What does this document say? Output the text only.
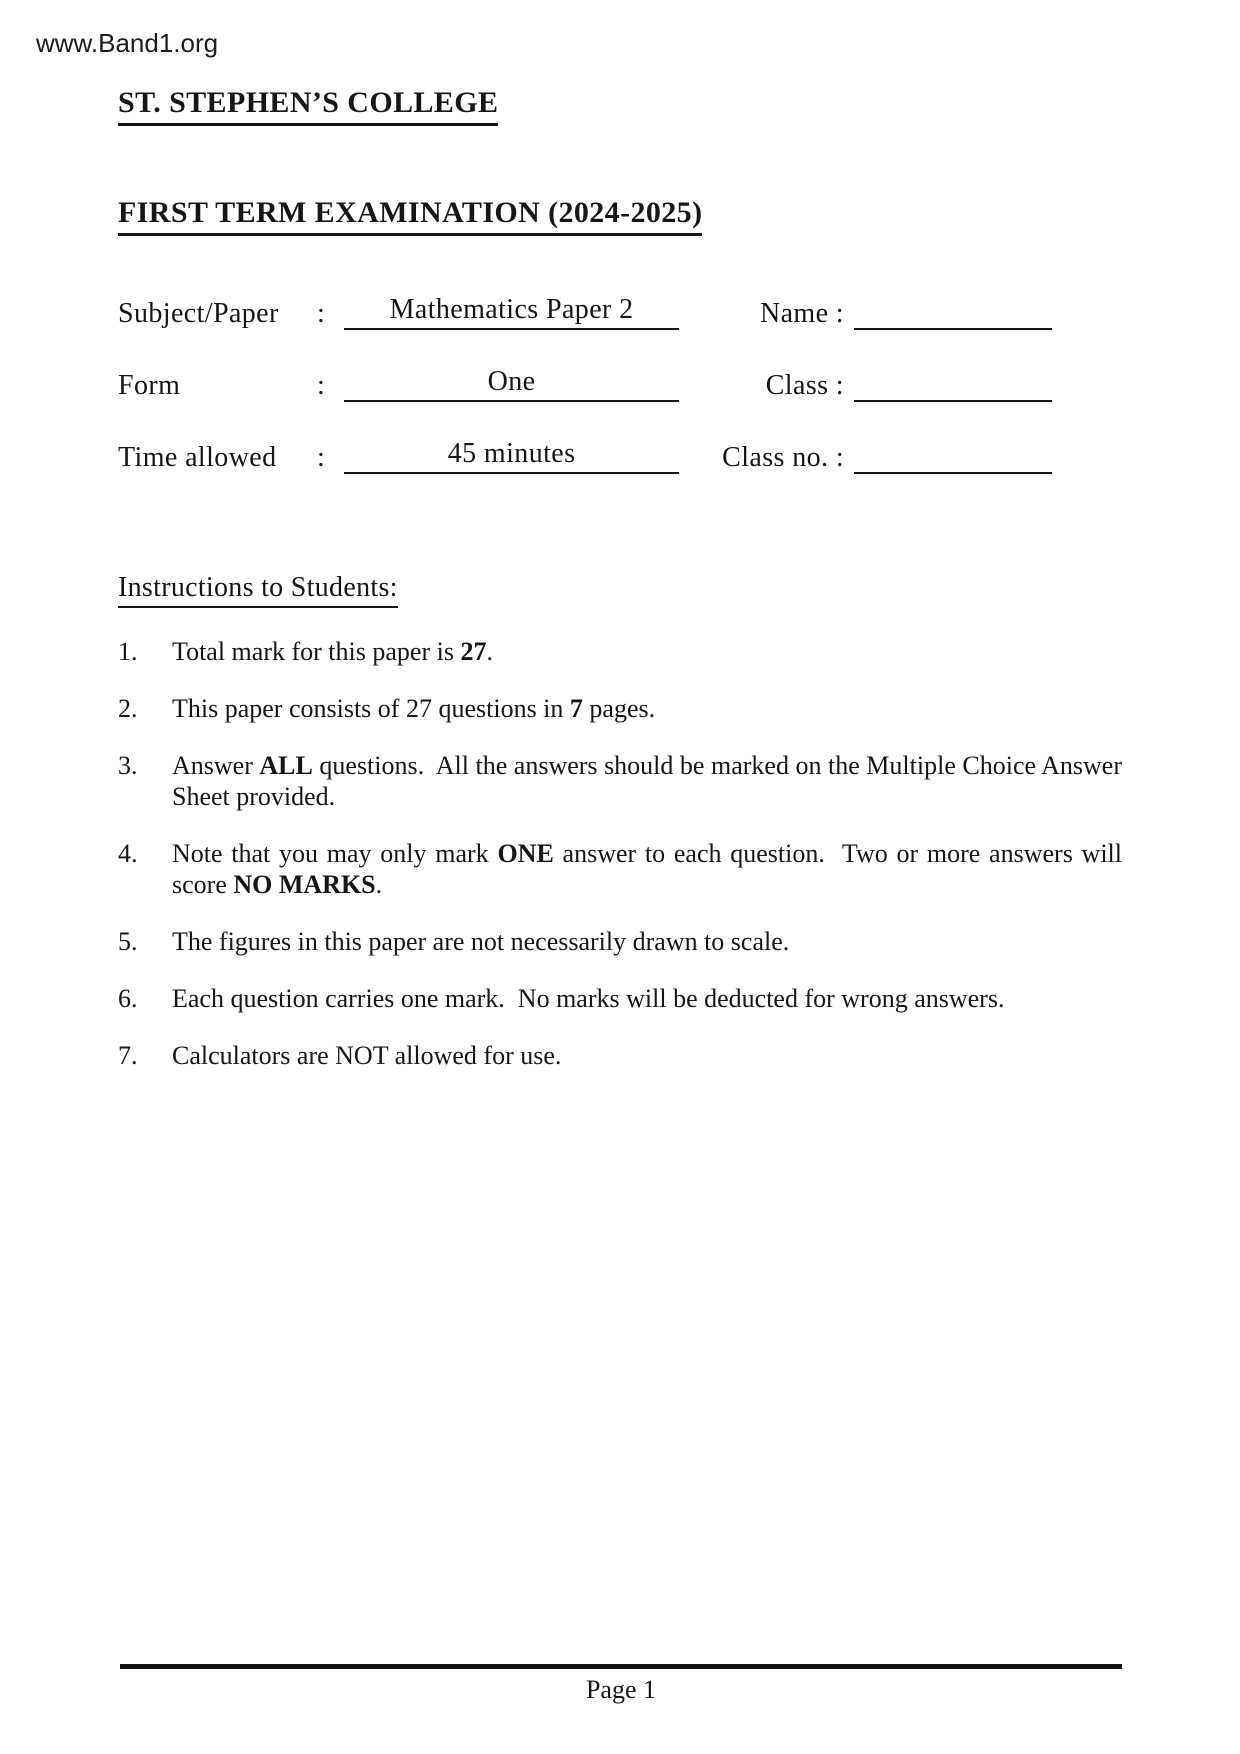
www.Band1.org
ST. STEPHEN’S COLLEGE
FIRST TERM EXAMINATION (2024-2025)
Subject/Paper	:	Mathematics Paper 2	Name :
Form	:	One	Class :
Time allowed	:	45 minutes	Class no. :
Instructions to Students:
1.	Total mark for this paper is 27.
2.	This paper consists of 27 questions in 7 pages.
3.	Answer ALL questions.  All the answers should be marked on the Multiple Choice Answer Sheet provided.
4.	Note that you may only mark ONE answer to each question.  Two or more answers will score NO MARKS.
5.	The figures in this paper are not necessarily drawn to scale.
6.	Each question carries one mark.  No marks will be deducted for wrong answers.
7.	Calculators are NOT allowed for use.
Page 1
